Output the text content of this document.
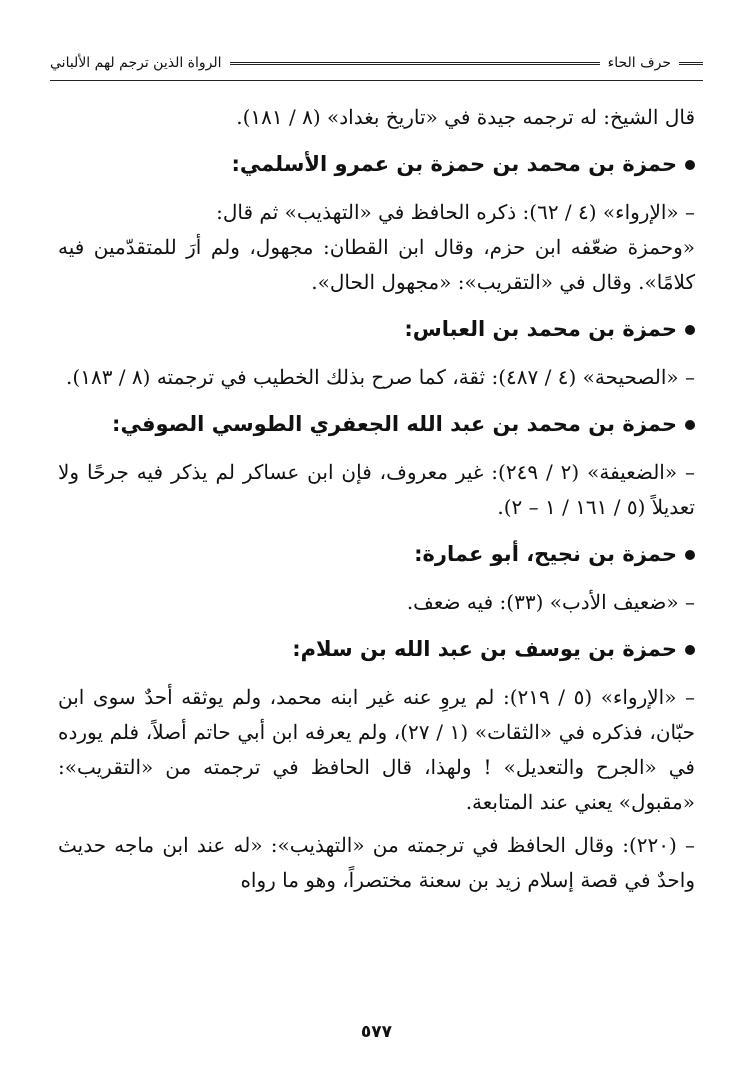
حرف الحاء
الرواة الذين ترجم لهم الألباني

قال الشيخ: له ترجمه جيدة في «تاريخ بغداد» (٨ / ١٨١).

حمزة بن محمد بن حمزة بن عمرو الأسلمي:

– «الإرواء» (٤ / ٦٢): ذكره الحافظ في «التهذيب» ثم قال:

«وحمزة ضعّفه ابن حزم، وقال ابن القطان: مجهول، ولم أرَ للمتقدّمين فيه كلامًا». وقال في «التقريب»: «مجهول الحال».

حمزة بن محمد بن العباس:

– «الصحيحة» (٤ / ٤٨٧): ثقة، كما صرح بذلك الخطيب في ترجمته (٨ / ١٨٣).

حمزة بن محمد بن عبد الله الجعفري الطوسي الصوفي:

– «الضعيفة» (٢ / ٢٤٩): غير معروف، فإن ابن عساكر لم يذكر فيه جرحًا ولا تعديلاً (٥ / ١٦١ / ١ – ٢).

حمزة بن نجيح، أبو عمارة:

– «ضعيف الأدب» (٣٣): فيه ضعف.

حمزة بن يوسف بن عبد الله بن سلام:

– «الإرواء» (٥ / ٢١٩): لم يروِ عنه غير ابنه محمد، ولم يوثقه أحدٌ سوى ابن حبّان، فذكره في «الثقات» (١ / ٢٧)، ولم يعرفه ابن أبي حاتم أصلاً، فلم يورده في «الجرح والتعديل» ! ولهذا، قال الحافظ في ترجمته من «التقريب»: «مقبول» يعني عند المتابعة.

– (٢٢٠): وقال الحافظ في ترجمته من «التهذيب»: «له عند ابن ماجه حديث واحدٌ في قصة إسلام زيد بن سعنة مختصراً، وهو ما رواه

٥٧٧
